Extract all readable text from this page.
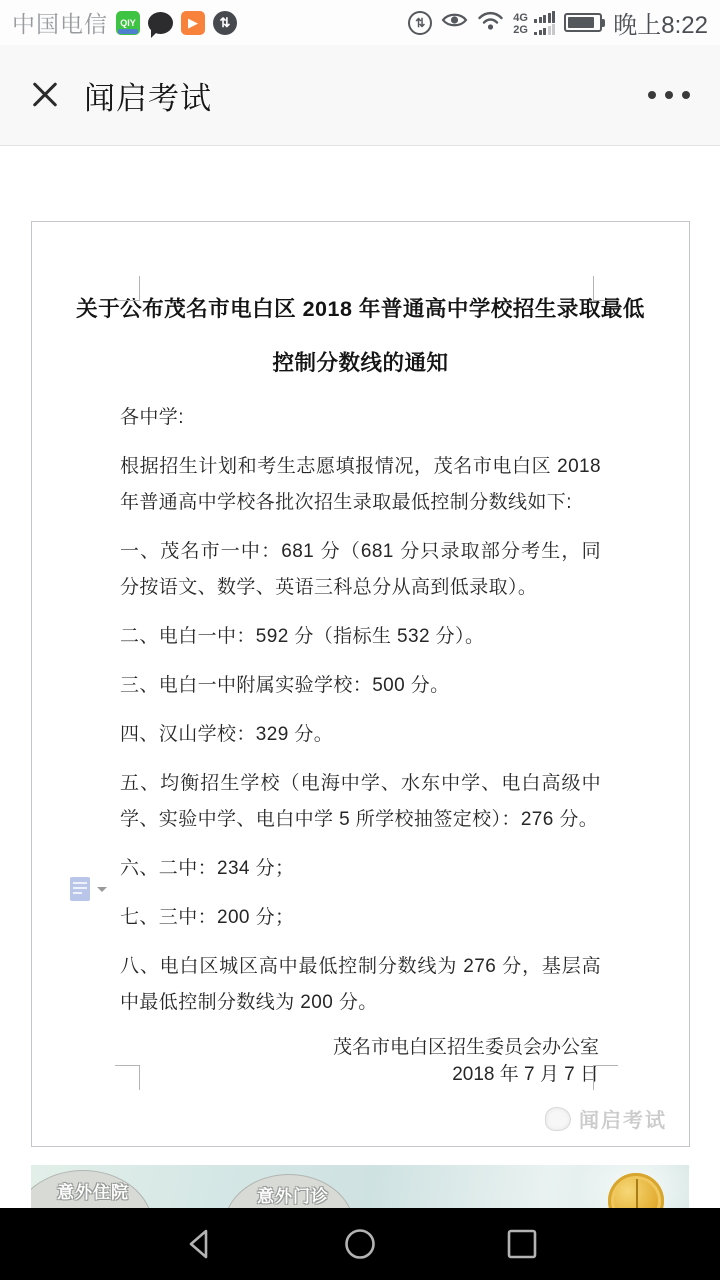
中国电信 QIY	▶ ⇅	⇅	4G
2G	晚上8:22
闻启考试
关于公布茂名市电白区 2018 年普通高中学校招生录取最低
控制分数线的通知

各中学:

根据招生计划和考生志愿填报情况，茂名市电白区 2018 年普通高中学校各批次招生录取最低控制分数线如下:

一、茂名市一中：681 分（681 分只录取部分考生，同分按语文、数学、英语三科总分从高到低录取）。

二、电白一中：592 分（指标生 532 分）。

三、电白一中附属实验学校：500 分。

四、汉山学校：329 分。

五、均衡招生学校（电海中学、水东中学、电白高级中学、实验中学、电白中学 5 所学校抽签定校）：276 分。

六、二中：234 分；

七、三中：200 分；

八、电白区城区高中最低控制分数线为 276 分，基层高中最低控制分数线为 200 分。

茂名市电白区招生委员会办公室
2018 年 7 月 7 日
闻启考试
意外住院	意外门诊
